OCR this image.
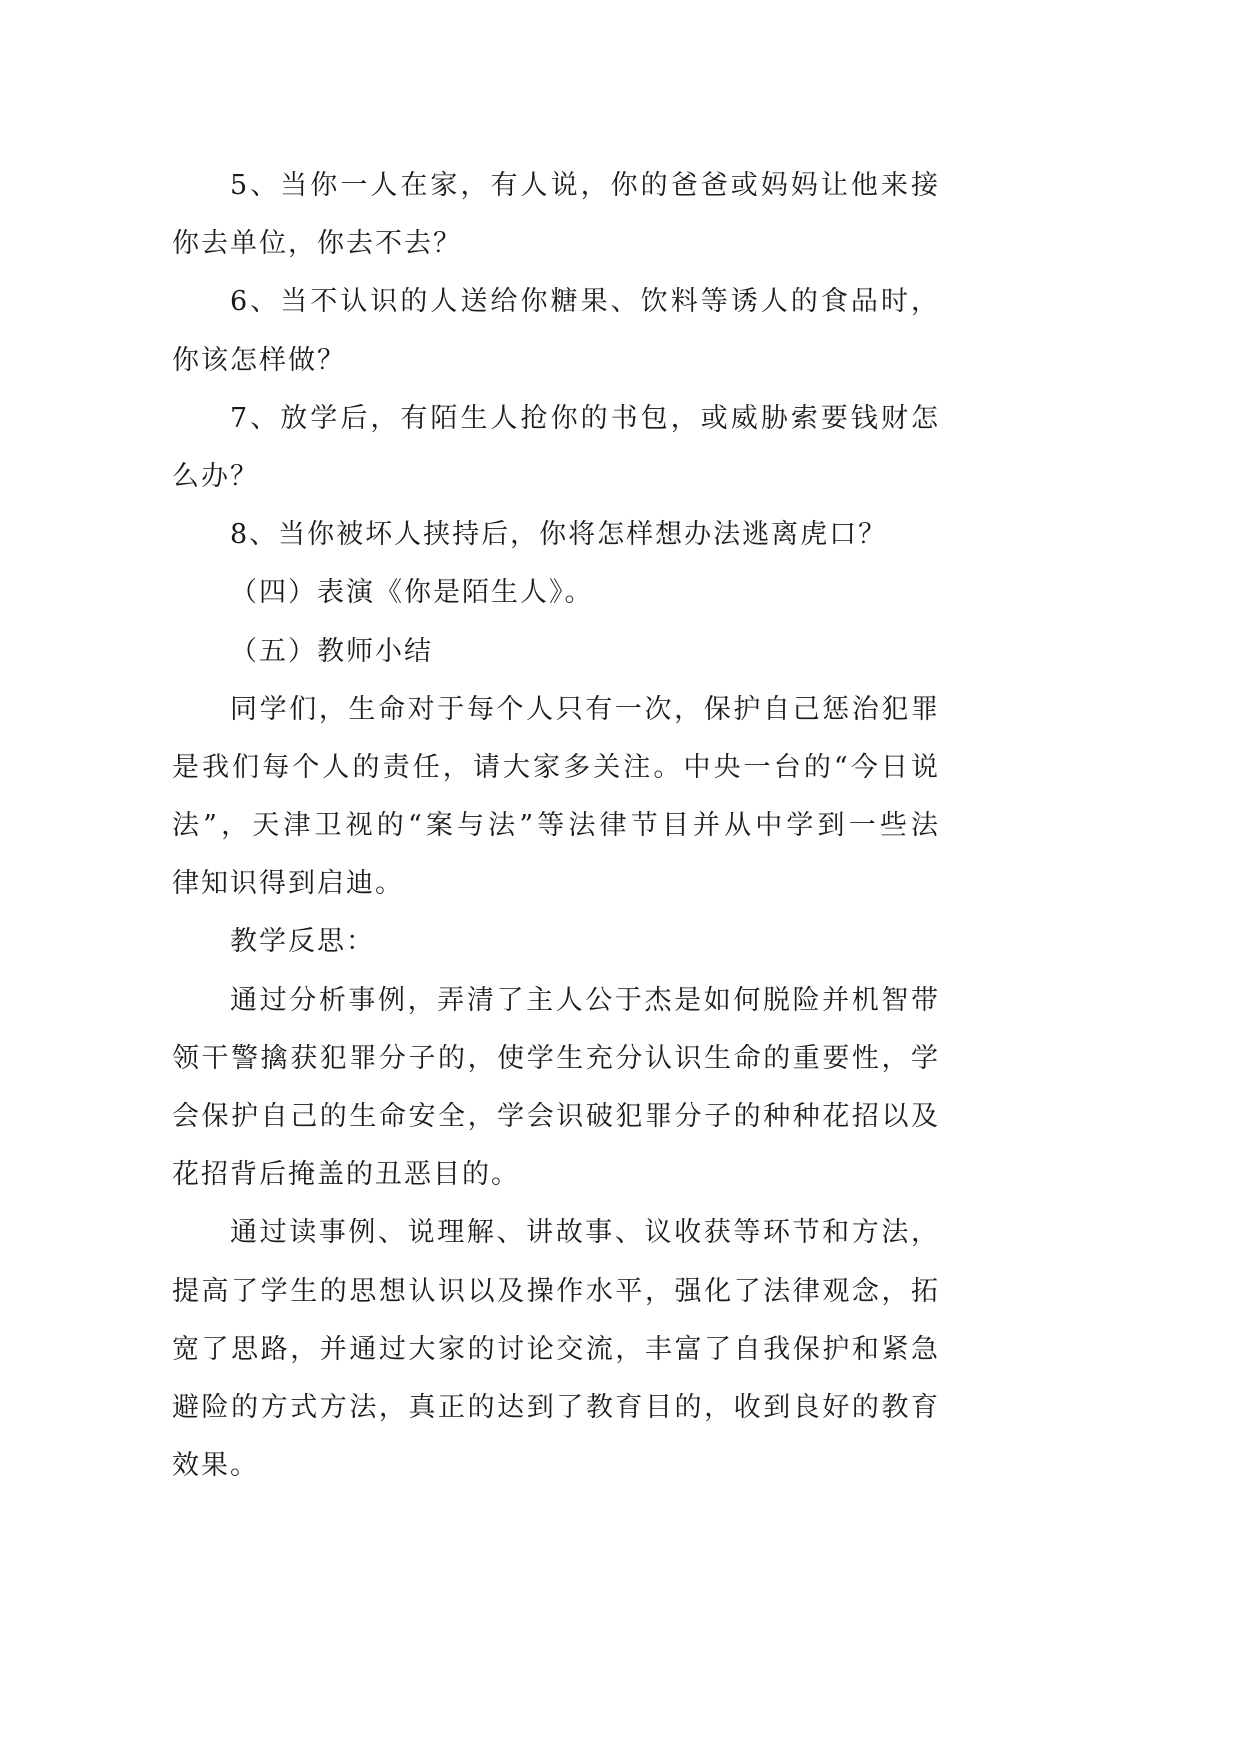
5、当你一人在家，有人说，你的爸爸或妈妈让他来接
你去单位，你去不去？
6、当不认识的人送给你糖果、饮料等诱人的食品时，
你该怎样做？
7、放学后，有陌生人抢你的书包，或威胁索要钱财怎
么办？
8、当你被坏人挟持后，你将怎样想办法逃离虎口？
（四）表演《你是陌生人》。
（五）教师小结
同学们，生命对于每个人只有一次，保护自己惩治犯罪
是我们每个人的责任，请大家多关注。中央一台的“今日说
法”，天津卫视的“案与法”等法律节目并从中学到一些法
律知识得到启迪。
教学反思：
通过分析事例，弄清了主人公于杰是如何脱险并机智带
领干警擒获犯罪分子的，使学生充分认识生命的重要性，学
会保护自己的生命安全，学会识破犯罪分子的种种花招以及
花招背后掩盖的丑恶目的。
通过读事例、说理解、讲故事、议收获等环节和方法，
提高了学生的思想认识以及操作水平，强化了法律观念，拓
宽了思路，并通过大家的讨论交流，丰富了自我保护和紧急
避险的方式方法，真正的达到了教育目的，收到良好的教育
效果。
